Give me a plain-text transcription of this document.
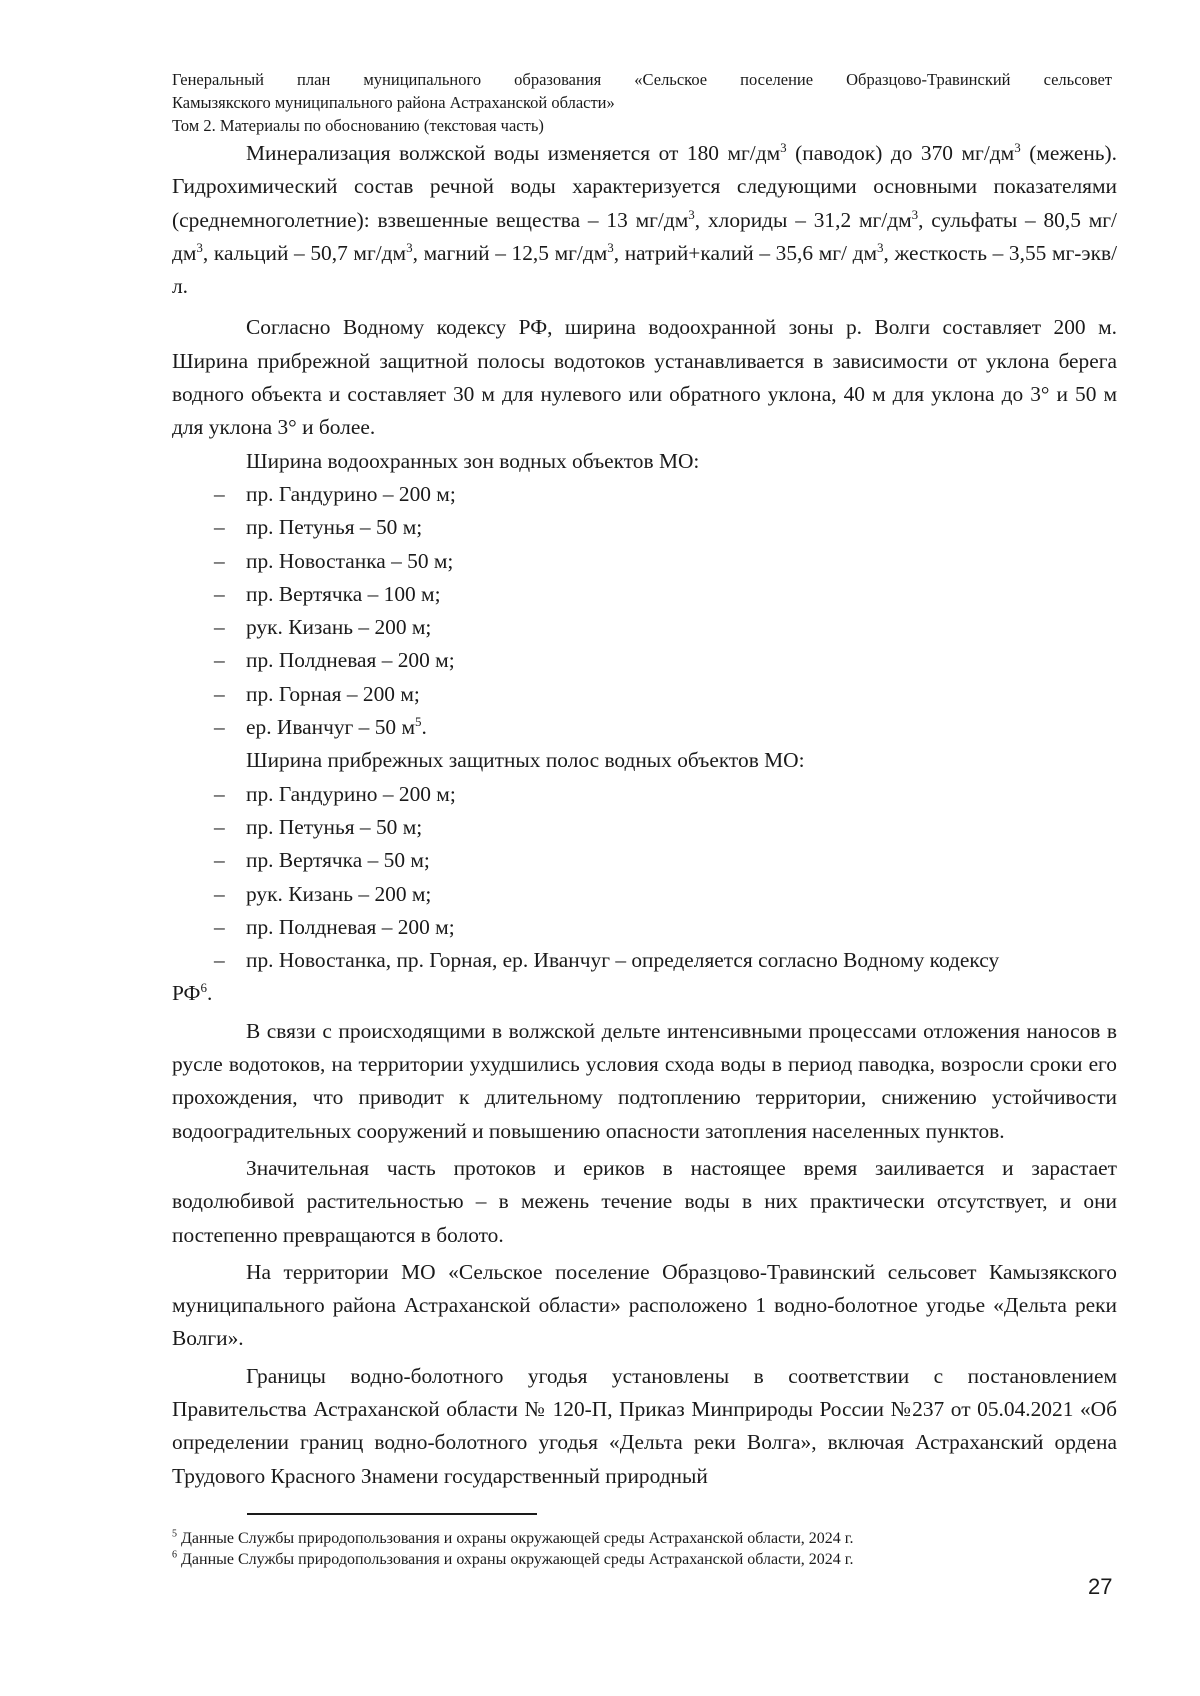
Генеральный план муниципального образования «Сельское поселение Образцово-Травинский сельсовет
Камызякского муниципального района Астраханской области»
Том 2. Материалы по обоснованию (текстовая часть)

Минерализация волжской воды изменяется от 180 $мг/дм^3$ (паводок) до 370 $мг/дм^3$ (межень). Гидрохимический состав речной воды характеризуется следующими основными показателями (среднемноголетние): взвешенные вещества – 13 $мг/дм^3$, хлориды – 31,2 $мг/дм^3$, сульфаты – 80,5 мг/ $дм^3$, кальций – 50,7 $мг/дм^3$, магний – 12,5 $мг/дм^3$, натрий+калий – 35,6 мг/ $дм^3$, жесткость – 3,55 мг-экв/л.

Согласно Водному кодексу РФ, ширина водоохранной зоны р. Волги составляет 200 м. Ширина прибрежной защитной полосы водотоков устанавливается в зависимости от уклона берега водного объекта и составляет 30 м для нулевого или обратного уклона, 40 м для уклона до 3° и 50 м для уклона 3° и более.

Ширина водоохранных зон водных объектов МО:

– пр. Гандурино – 200 м;
– пр. Петунья – 50 м;
– пр. Новостанка – 50 м;
– пр. Вертячка – 100 м;
– рук. Кизань – 200 м;
– пр. Полдневая – 200 м;
– пр. Горная – 200 м;
– ер. Иванчуг – 50 $м^5$.

Ширина прибрежных защитных полос водных объектов МО:

– пр. Гандурино – 200 м;
– пр. Петунья – 50 м;
– пр. Вертячка – 50 м;
– рук. Кизань – 200 м;
– пр. Полдневая – 200 м;
– пр. Новостанка, пр. Горная, ер. Иванчуг – определяется согласно Водному кодексу
$РФ^6$.

В связи с происходящими в волжской дельте интенсивными процессами отложения наносов в русле водотоков, на территории ухудшились условия схода воды в период паводка, возросли сроки его прохождения, что приводит к длительному подтоплению территории, снижению устойчивости водооградительных сооружений и повышению опасности затопления населенных пунктов.

Значительная часть протоков и ериков в настоящее время заиливается и зарастает водолюбивой растительностью – в межень течение воды в них практически отсутствует, и они постепенно превращаются в болото.

На территории МО «Сельское поселение Образцово-Травинский сельсовет Камызякского муниципального района Астраханской области» расположено 1 водно-болотное угодье «Дельта реки Волги».

Границы водно-болотного угодья установлены в соответствии с постановлением Правительства Астраханской области № 120-П, Приказ Минприроды России №237 от 05.04.2021 «Об определении границ водно-болотного угодья «Дельта реки Волга», включая Астраханский ордена Трудового Красного Знамени государственный природный

$^5$ Данные Службы природопользования и охраны окружающей среды Астраханской области, 2024 г.
$^6$ Данные Службы природопользования и охраны окружающей среды Астраханской области, 2024 г.
27
